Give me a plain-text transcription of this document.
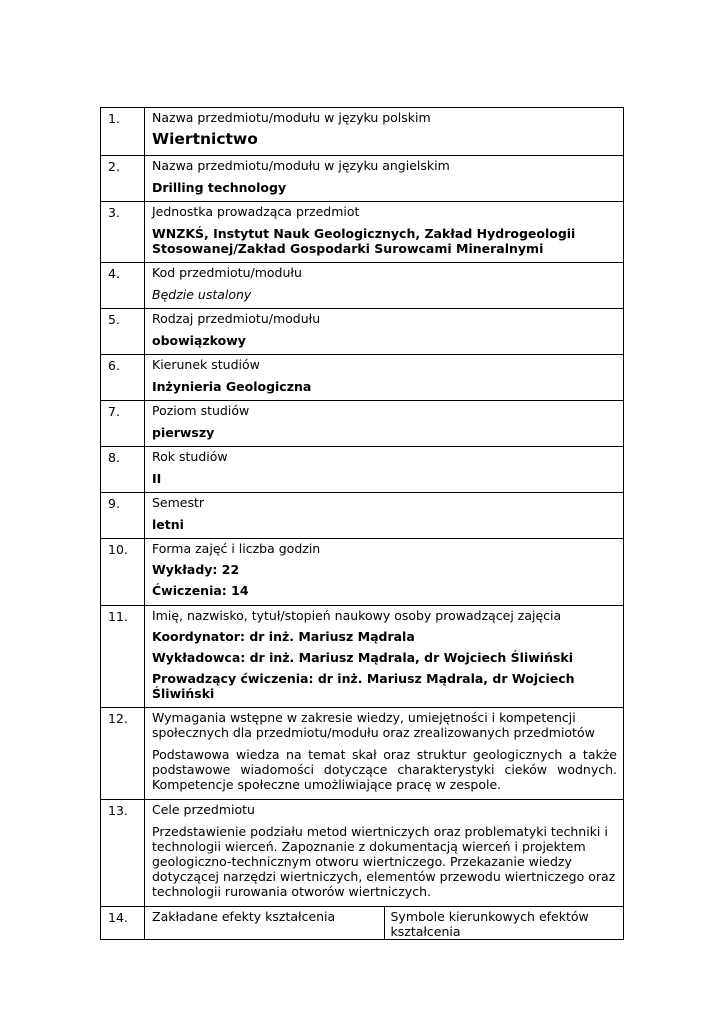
1.	Nazwa przedmiotu/modułu w języku polskim
Wiertnictwo	

2.	Nazwa przedmiotu/modułu w języku angielskim
Drilling technology	

3.	Jednostka prowadząca przedmiot
WNZKŚ, Instytut Nauk Geologicznych, Zakład Hydrogeologii Stosowanej/Zakład Gospodarki Surowcami Mineralnymi	

4.	Kod przedmiotu/modułu
Będzie ustalony	

5.	Rodzaj przedmiotu/modułu
obowiązkowy	

6.	Kierunek studiów
Inżynieria Geologiczna	

7.	Poziom studiów
pierwszy	

8.	Rok studiów
II	

9.	Semestr
letni	

10.	Forma zajęć i liczba godzin
Wykłady: 22
Ćwiczenia: 14	

11.	Imię, nazwisko, tytuł/stopień naukowy osoby prowadzącej zajęcia
Koordynator: dr inż. Mariusz Mądrala
Wykładowca: dr inż. Mariusz Mądrala, dr Wojciech Śliwiński
Prowadzący ćwiczenia: dr inż. Mariusz Mądrala, dr Wojciech Śliwiński	

12.	Wymagania wstępne w zakresie wiedzy, umiejętności i kompetencji społecznych dla przedmiotu/modułu oraz zrealizowanych przedmiotów
Podstawowa wiedza na temat skał oraz struktur geologicznych a także podstawowe wiadomości dotyczące charakterystyki cieków wodnych. Kompetencje społeczne umożliwiające pracę w zespole.	

13.	Cele przedmiotu
Przedstawienie podziału metod wiertniczych oraz problematyki techniki i technologii wierceń. Zapoznanie z dokumentacją wierceń i projektem geologiczno-technicznym otworu wiertniczego. Przekazanie wiedzy dotyczącej narzędzi wiertniczych, elementów przewodu wiertniczego oraz technologii rurowania otworów wiertniczych.	

14.	Zakładane efekty kształcenia	Symbole kierunkowych efektów kształcenia
